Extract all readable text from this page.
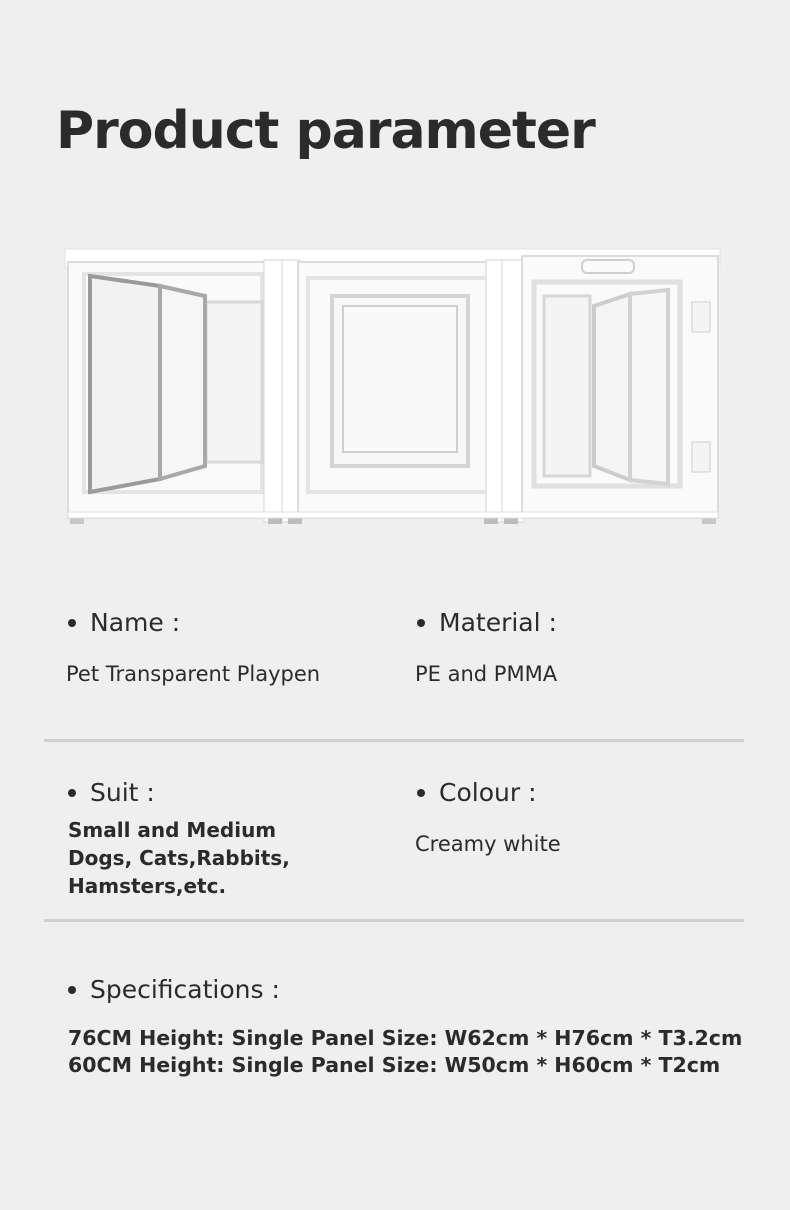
Product parameter
Name :
Pet Transparent Playpen
Material :
PE and PMMA
Suit :
Small and Medium
Dogs, Cats,Rabbits,
Hamsters,etc.
Colour :
Creamy white
Specifications :
76CM Height: Single Panel Size: W62cm * H76cm * T3.2cm
60CM Height: Single Panel Size: W50cm * H60cm * T2cm
